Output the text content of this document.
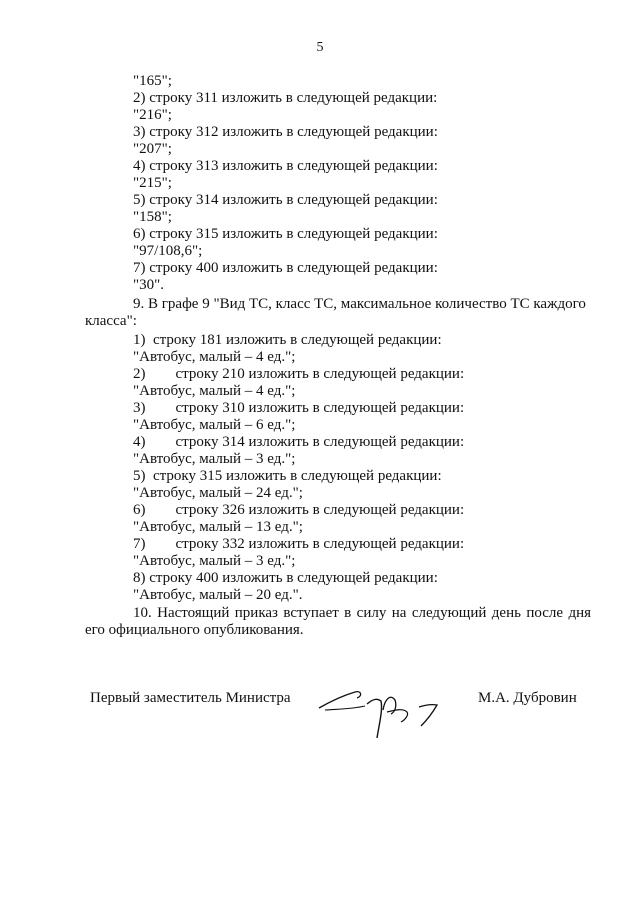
5
"165";
2) строку 311 изложить в следующей редакции:
"216";
3) строку 312 изложить в следующей редакции:
"207";
4) строку 313 изложить в следующей редакции:
"215";
5) строку 314 изложить в следующей редакции:
"158";
6) строку 315 изложить в следующей редакции:
"97/108,6";
7) строку 400 изложить в следующей редакции:
"30".
9. В графе 9 "Вид ТС, класс ТС, максимальное количество ТС каждого
класса":
1)  строку 181 изложить в следующей редакции:
"Автобус, малый – 4 ед.";
2)        строку 210 изложить в следующей редакции:
"Автобус, малый – 4 ед.";
3)        строку 310 изложить в следующей редакции:
"Автобус, малый – 6 ед.";
4)        строку 314 изложить в следующей редакции:
"Автобус, малый – 3 ед.";
5)  строку 315 изложить в следующей редакции:
"Автобус, малый – 24 ед.";
6)        строку 326 изложить в следующей редакции:
"Автобус, малый – 13 ед.";
7)        строку 332 изложить в следующей редакции:
"Автобус, малый – 3 ед.";
8) строку 400 изложить в следующей редакции:
"Автобус, малый – 20 ед.".
10. Настоящий приказ вступает в силу на следующий день после дня
его официального опубликования.
Первый заместитель Министра	М.А. Дубровин
